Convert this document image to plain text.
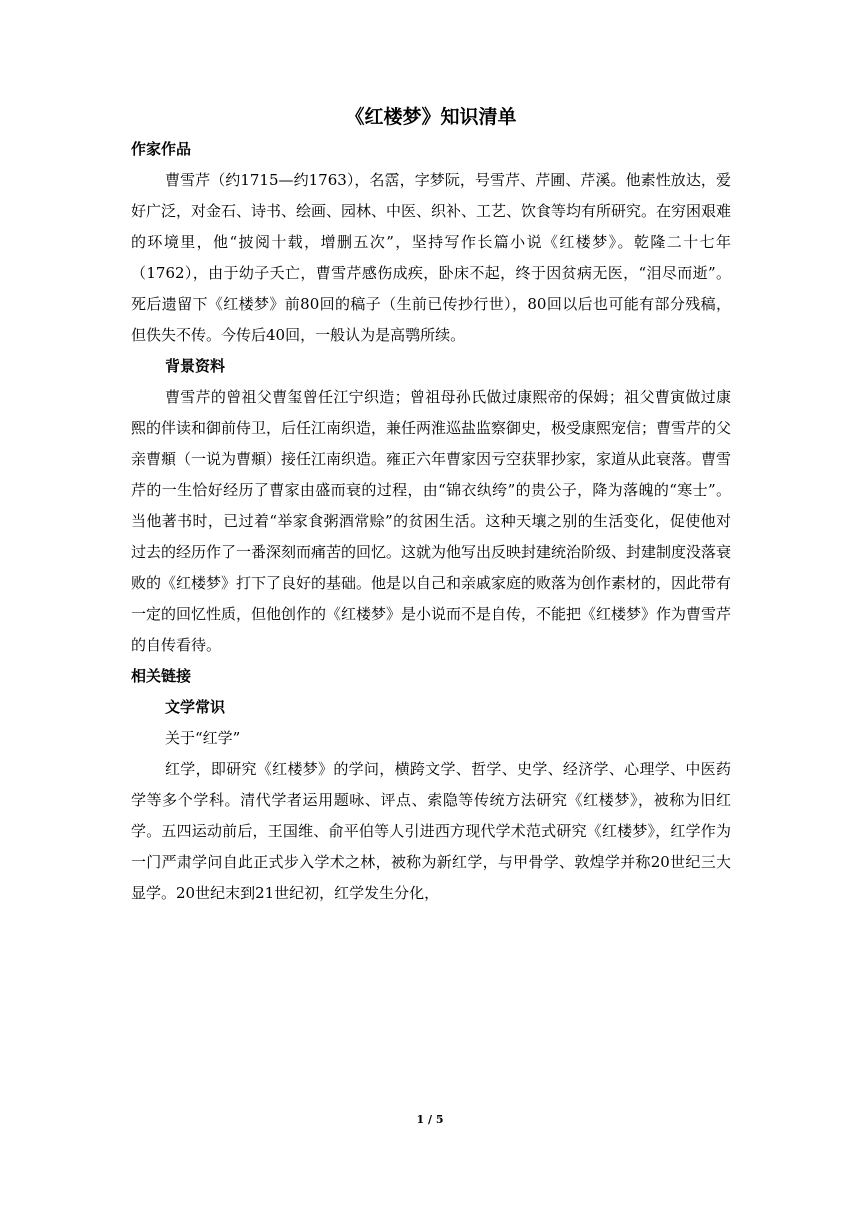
《红楼梦》知识清单
作家作品

曹雪芹（约1715—约1763），名霑，字梦阮，号雪芹、芹圃、芹溪。他素性放达，爱好广泛，对金石、诗书、绘画、园林、中医、织补、工艺、饮食等均有所研究。在穷困艰难的环境里，他“披阅十载，增删五次”，坚持写作长篇小说《红楼梦》。乾隆二十七年（1762），由于幼子夭亡，曹雪芹感伤成疾，卧床不起，终于因贫病无医，“泪尽而逝”。死后遗留下《红楼梦》前80回的稿子（生前已传抄行世），80回以后也可能有部分残稿，但佚失不传。今传后40回，一般认为是高鹗所续。

背景资料

曹雪芹的曾祖父曹玺曾任江宁织造；曾祖母孙氏做过康熙帝的保姆；祖父曹寅做过康熙的伴读和御前侍卫，后任江南织造，兼任两淮巡盐监察御史，极受康熙宠信；曹雪芹的父亲曹頫（一说为曹頫）接任江南织造。雍正六年曹家因亏空获罪抄家，家道从此衰落。曹雪芹的一生恰好经历了曹家由盛而衰的过程，由“锦衣纨绔”的贵公子，降为落魄的“寒士”。当他著书时，已过着“举家食粥酒常赊”的贫困生活。这种天壤之别的生活变化，促使他对过去的经历作了一番深刻而痛苦的回忆。这就为他写出反映封建统治阶级、封建制度没落衰败的《红楼梦》打下了良好的基础。他是以自己和亲戚家庭的败落为创作素材的，因此带有一定的回忆性质，但他创作的《红楼梦》是小说而不是自传，不能把《红楼梦》作为曹雪芹的自传看待。

相关链接
文学常识
关于“红学”

红学，即研究《红楼梦》的学问，横跨文学、哲学、史学、经济学、心理学、中医药学等多个学科。清代学者运用题咏、评点、索隐等传统方法研究《红楼梦》，被称为旧红学。五四运动前后，王国维、俞平伯等人引进西方现代学术范式研究《红楼梦》，红学作为一门严肃学问自此正式步入学术之林，被称为新红学，与甲骨学、敦煌学并称20世纪三大显学。20世纪末到21世纪初，红学发生分化，

1 / 5
